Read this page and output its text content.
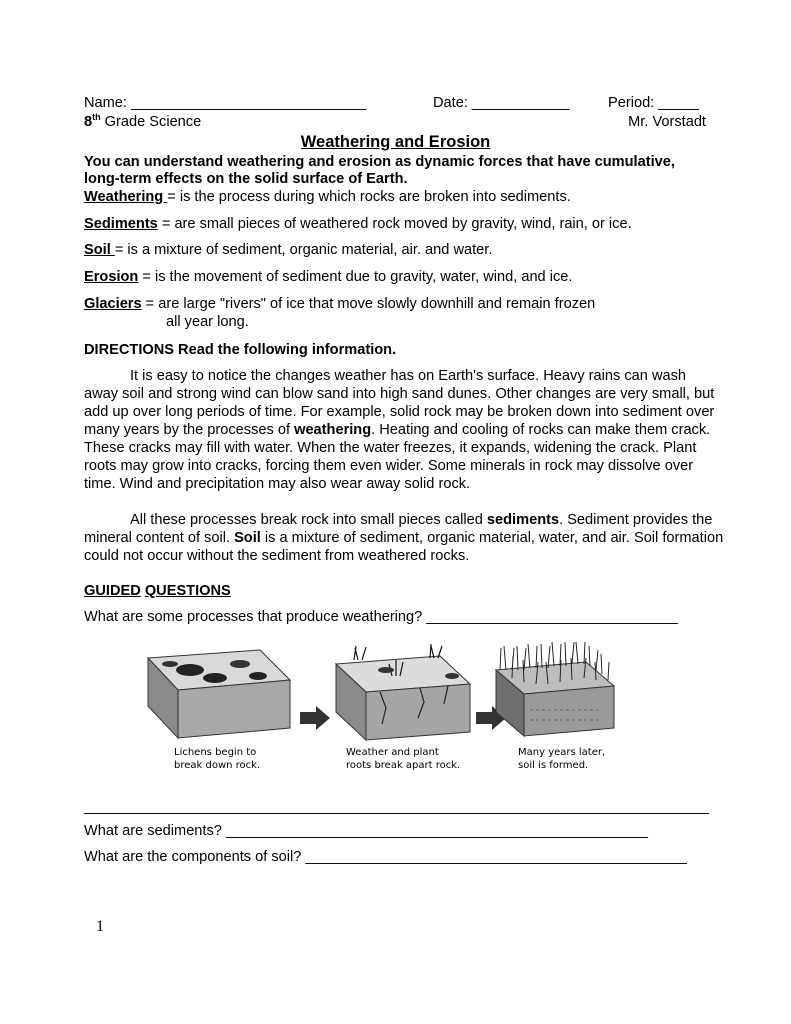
Name: _____________________________	Date: ____________	Period: _____
8th Grade Science	Mr. Vorstadt
Weathering and Erosion
You can understand weathering and erosion as dynamic forces that have cumulative,
long-term effects on the solid surface of Earth.
Weathering = is the process during which rocks are broken into sediments.
Sediments = are small pieces of weathered rock moved by gravity, wind, rain, or ice.
Soil = is a mixture of sediment, organic material, air. and water.
Erosion = is the movement of sediment due to gravity, water, wind, and ice.
Glaciers = are large "rivers" of ice that move slowly downhill and remain frozen
all year long.
DIRECTIONS Read the following information.
It is easy to notice the changes weather has on Earth's surface. Heavy rains can wash away soil and strong wind can blow sand into high sand dunes. Other changes are very small, but add up over long periods of time. For example, solid rock may be broken down into sediment over many years by the processes of weathering. Heating and cooling of rocks can make them crack. These cracks may fill with water. When the water freezes, it expands, widening the crack. Plant roots may grow into cracks, forcing them even wider. Some minerals in rock may dissolve over time. Wind and precipitation may also wear away solid rock.
All these processes break rock into small pieces called sediments. Sediment provides the mineral content of soil. Soil is a mixture of sediment, organic material, water, and air. Soil formation could not occur without the sediment from weathered rocks.
GUIDED QUESTIONS
What are some processes that produce weathering? _______________________________
Lichens begin to
break down rock.
Weather and plant
roots break apart rock.
Many years later,
soil is formed.
_____________________________________________________________________________
What are sediments? ____________________________________________________
What are the components of soil? _______________________________________________
1
